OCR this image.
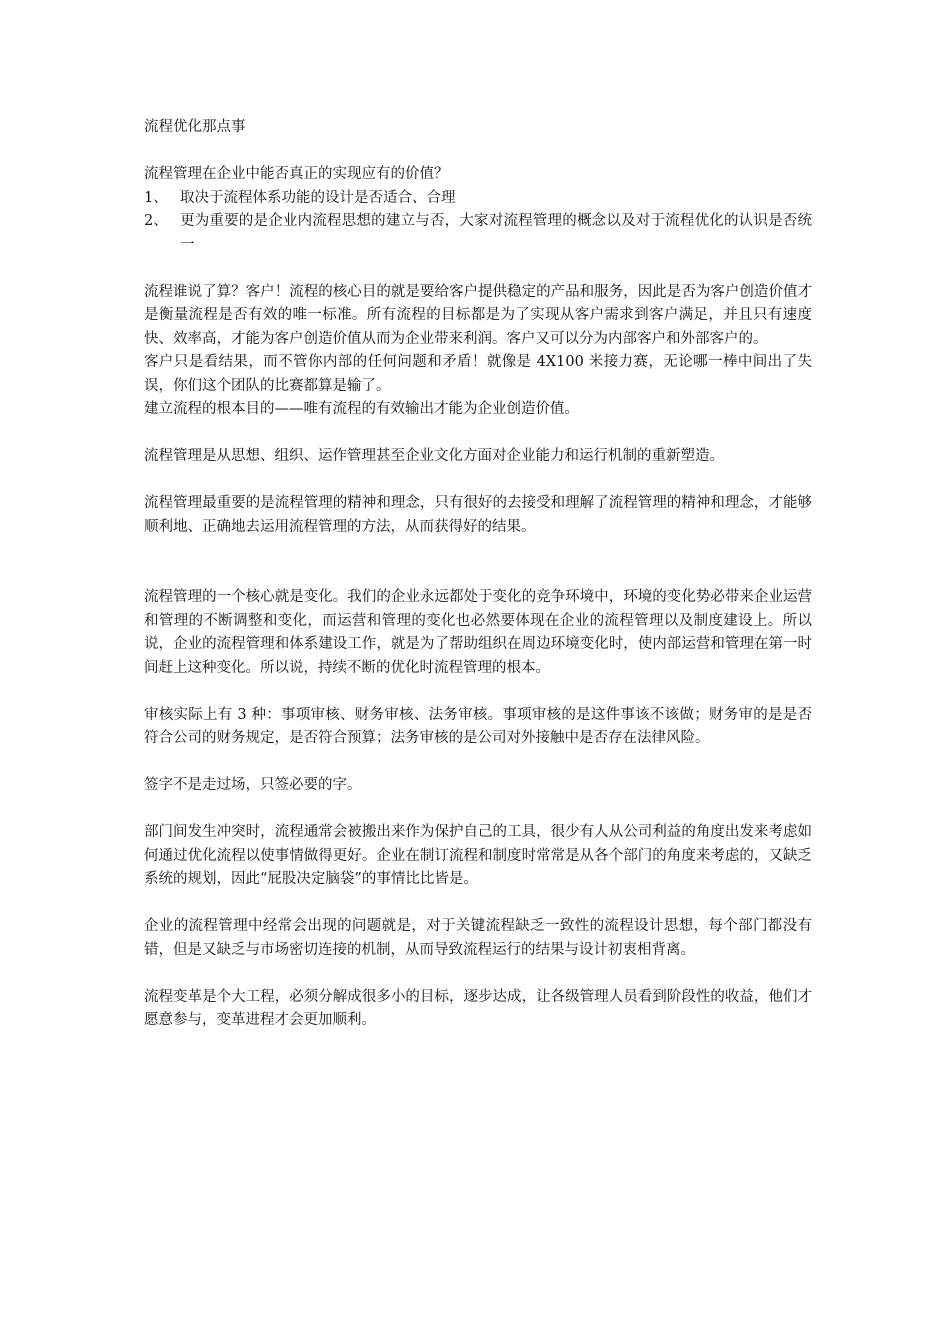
流程优化那点事

流程管理在企业中能否真正的实现应有的价值？

1、 取决于流程体系功能的设计是否适合、合理
2、 更为重要的是企业内流程思想的建立与否，大家对流程管理的概念以及对于流程优化的认识是否统一

流程谁说了算？客户！流程的核心目的就是要给客户提供稳定的产品和服务，因此是否为客户创造价值才是衡量流程是否有效的唯一标准。所有流程的目标都是为了实现从客户需求到客户满足，并且只有速度快、效率高，才能为客户创造价值从而为企业带来利润。客户又可以分为内部客户和外部客户的。

客户只是看结果，而不管你内部的任何问题和矛盾！就像是 4X100 米接力赛，无论哪一棒中间出了失误，你们这个团队的比赛都算是输了。

建立流程的根本目的——唯有流程的有效输出才能为企业创造价值。

流程管理是从思想、组织、运作管理甚至企业文化方面对企业能力和运行机制的重新塑造。

流程管理最重要的是流程管理的精神和理念，只有很好的去接受和理解了流程管理的精神和理念，才能够顺利地、正确地去运用流程管理的方法，从而获得好的结果。

流程管理的一个核心就是变化。我们的企业永远都处于变化的竞争环境中，环境的变化势必带来企业运营和管理的不断调整和变化，而运营和管理的变化也必然要体现在企业的流程管理以及制度建设上。所以说，企业的流程管理和体系建设工作，就是为了帮助组织在周边环境变化时，使内部运营和管理在第一时间赶上这种变化。所以说，持续不断的优化时流程管理的根本。

审核实际上有 3 种：事项审核、财务审核、法务审核。事项审核的是这件事该不该做；财务审的是是否符合公司的财务规定，是否符合预算；法务审核的是公司对外接触中是否存在法律风险。

签字不是走过场，只签必要的字。

部门间发生冲突时，流程通常会被搬出来作为保护自己的工具，很少有人从公司利益的角度出发来考虑如何通过优化流程以使事情做得更好。企业在制订流程和制度时常常是从各个部门的角度来考虑的，又缺乏系统的规划，因此“屁股决定脑袋”的事情比比皆是。

企业的流程管理中经常会出现的问题就是，对于关键流程缺乏一致性的流程设计思想，每个部门都没有错，但是又缺乏与市场密切连接的机制，从而导致流程运行的结果与设计初衷相背离。

流程变革是个大工程，必须分解成很多小的目标，逐步达成，让各级管理人员看到阶段性的收益，他们才愿意参与，变革进程才会更加顺利。
